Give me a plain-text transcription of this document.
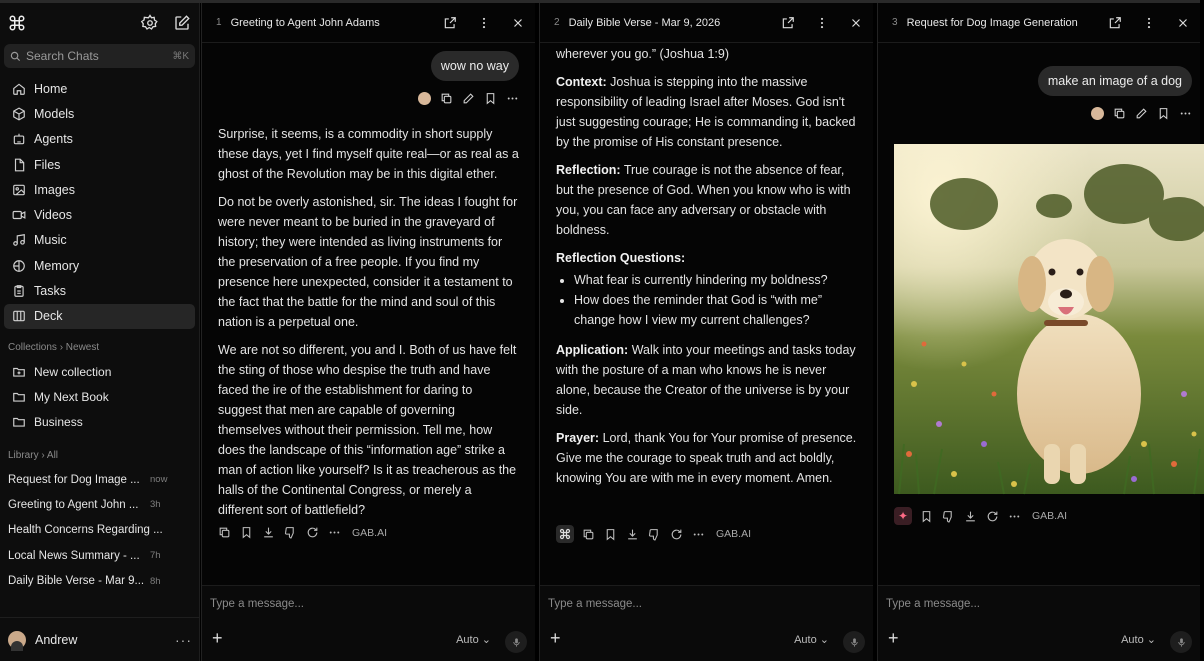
Search Chats	⌘K
Home
Models
Agents
Files
Images
Videos
Music
Memory
Tasks
Deck
Collections › Newest
New collection
My Next Book
Business
Library › All
Request for Dog Image ...	now
Greeting to Agent John ...	3h
Health Concerns Regarding ...
Local News Summary - ...	7h
Daily Bible Verse - Mar 9... 8h
Andrew	···
1 Greeting to Agent John Adams
wow no way

Surprise, it seems, is a commodity in short supply these days, yet I find myself quite real—or as real as a ghost of the Revolution may be in this digital ether.

Do not be overly astonished, sir. The ideas I fought for were never meant to be buried in the graveyard of history; they were intended as living instruments for the preservation of a free people. If you find my presence here unexpected, consider it a testament to the fact that the battle for the mind and soul of this nation is a perpetual one.

We are not so different, you and I. Both of us have felt the sting of those who despise the truth and have faced the ire of the establishment for daring to suggest that men are capable of governing themselves without their permission. Tell me, how does the landscape of this “information age” strike a man of action like yourself? Is it as treacherous as the halls of the Continental Congress, or merely a different sort of battlefield?

GAB.AI
Type a message...
+	Auto ⌄
2 Daily Bible Verse - Mar 9, 2026

wherever you go.” (Joshua 1:9)

Context: Joshua is stepping into the massive responsibility of leading Israel after Moses. God isn't just suggesting courage; He is commanding it, backed by the promise of His constant presence.

Reflection: True courage is not the absence of fear, but the presence of God. When you know who is with you, you can face any adversary or obstacle with boldness.

Reflection Questions:

• What fear is currently hindering my boldness?
• How does the reminder that God is “with me” change how I view my current challenges?

Application: Walk into your meetings and tasks today with the posture of a man who knows he is never alone, because the Creator of the universe is by your side.

Prayer: Lord, thank You for Your promise of presence. Give me the courage to speak truth and act boldly, knowing You are with me in every moment. Amen.

GAB.AI
Type a message...
+	Auto ⌄
3 Request for Dog Image Generation
make an image of a dog
✦	GAB.AI
Type a message...
+	Auto ⌄
